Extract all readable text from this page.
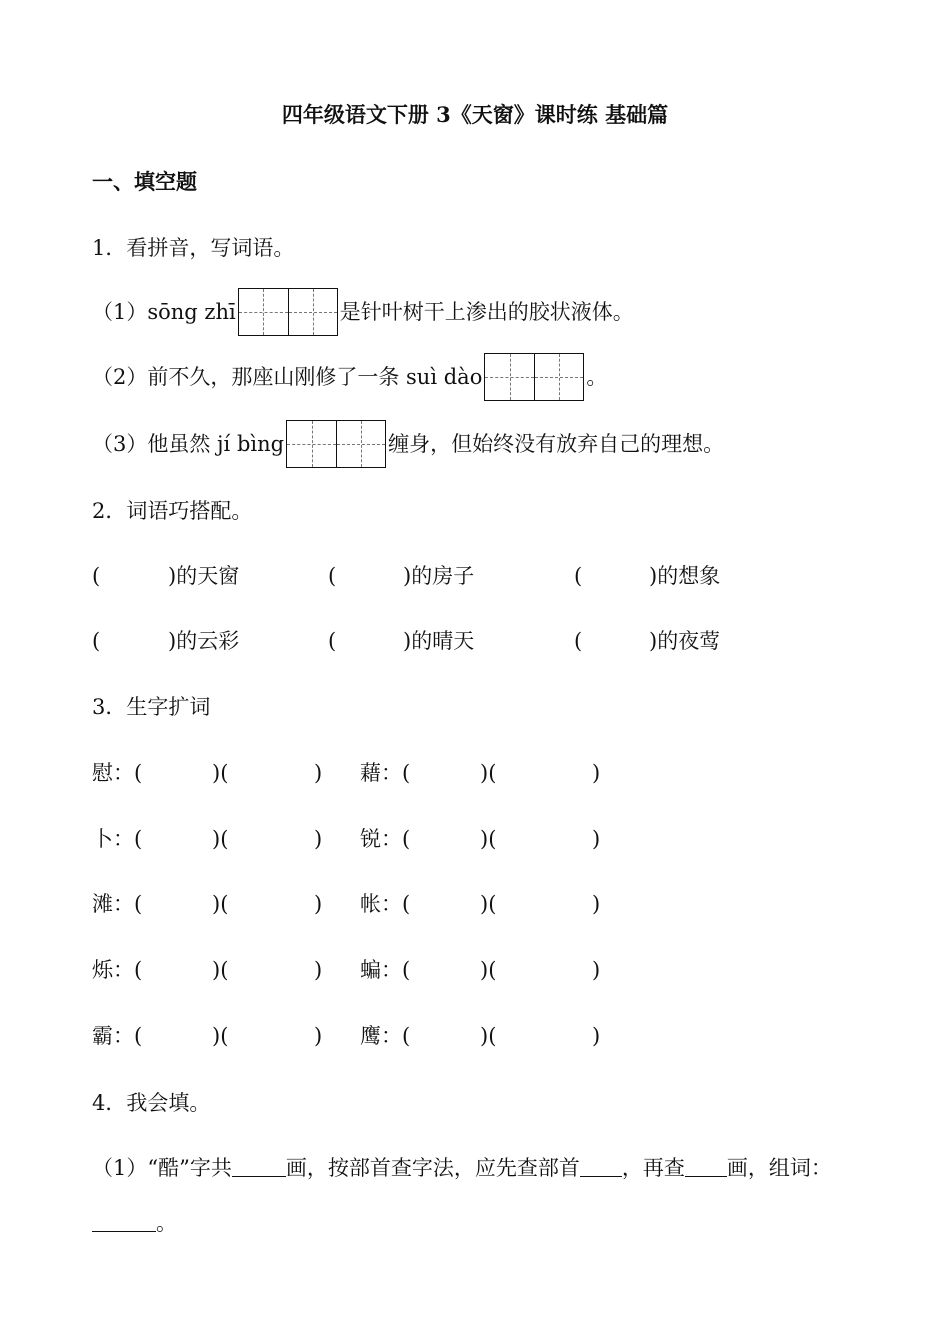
四年级语文下册 3《天窗》课时练 基础篇
一、填空题
1．看拼音，写词语。
（1）sōng zhī	是针叶树干上渗出的胶状液体。
（2）前不久，那座山刚修了一条 suì dào	。
（3）他虽然 jí bìng	缠身，但始终没有放弃自己的理想。
2．词语巧搭配。
(	)的天窗	(	)的房子	(	)的想象
(	)的云彩	(	)的晴天	(	)的夜莺
3．生字扩词
慰：(	)(	) 藉：(	)(	)
卜：(	)(	) 锐：(	)(	)
滩：(	)(	) 帐：(	)(	)
烁：(	)(	) 蝙：(	)(	)
霸：(	)(	) 鹰：(	)(	)
4．我会填。
（1）“酷”字共	画，按部首查字法，应先查部首 ，再查 画，组词：
。
